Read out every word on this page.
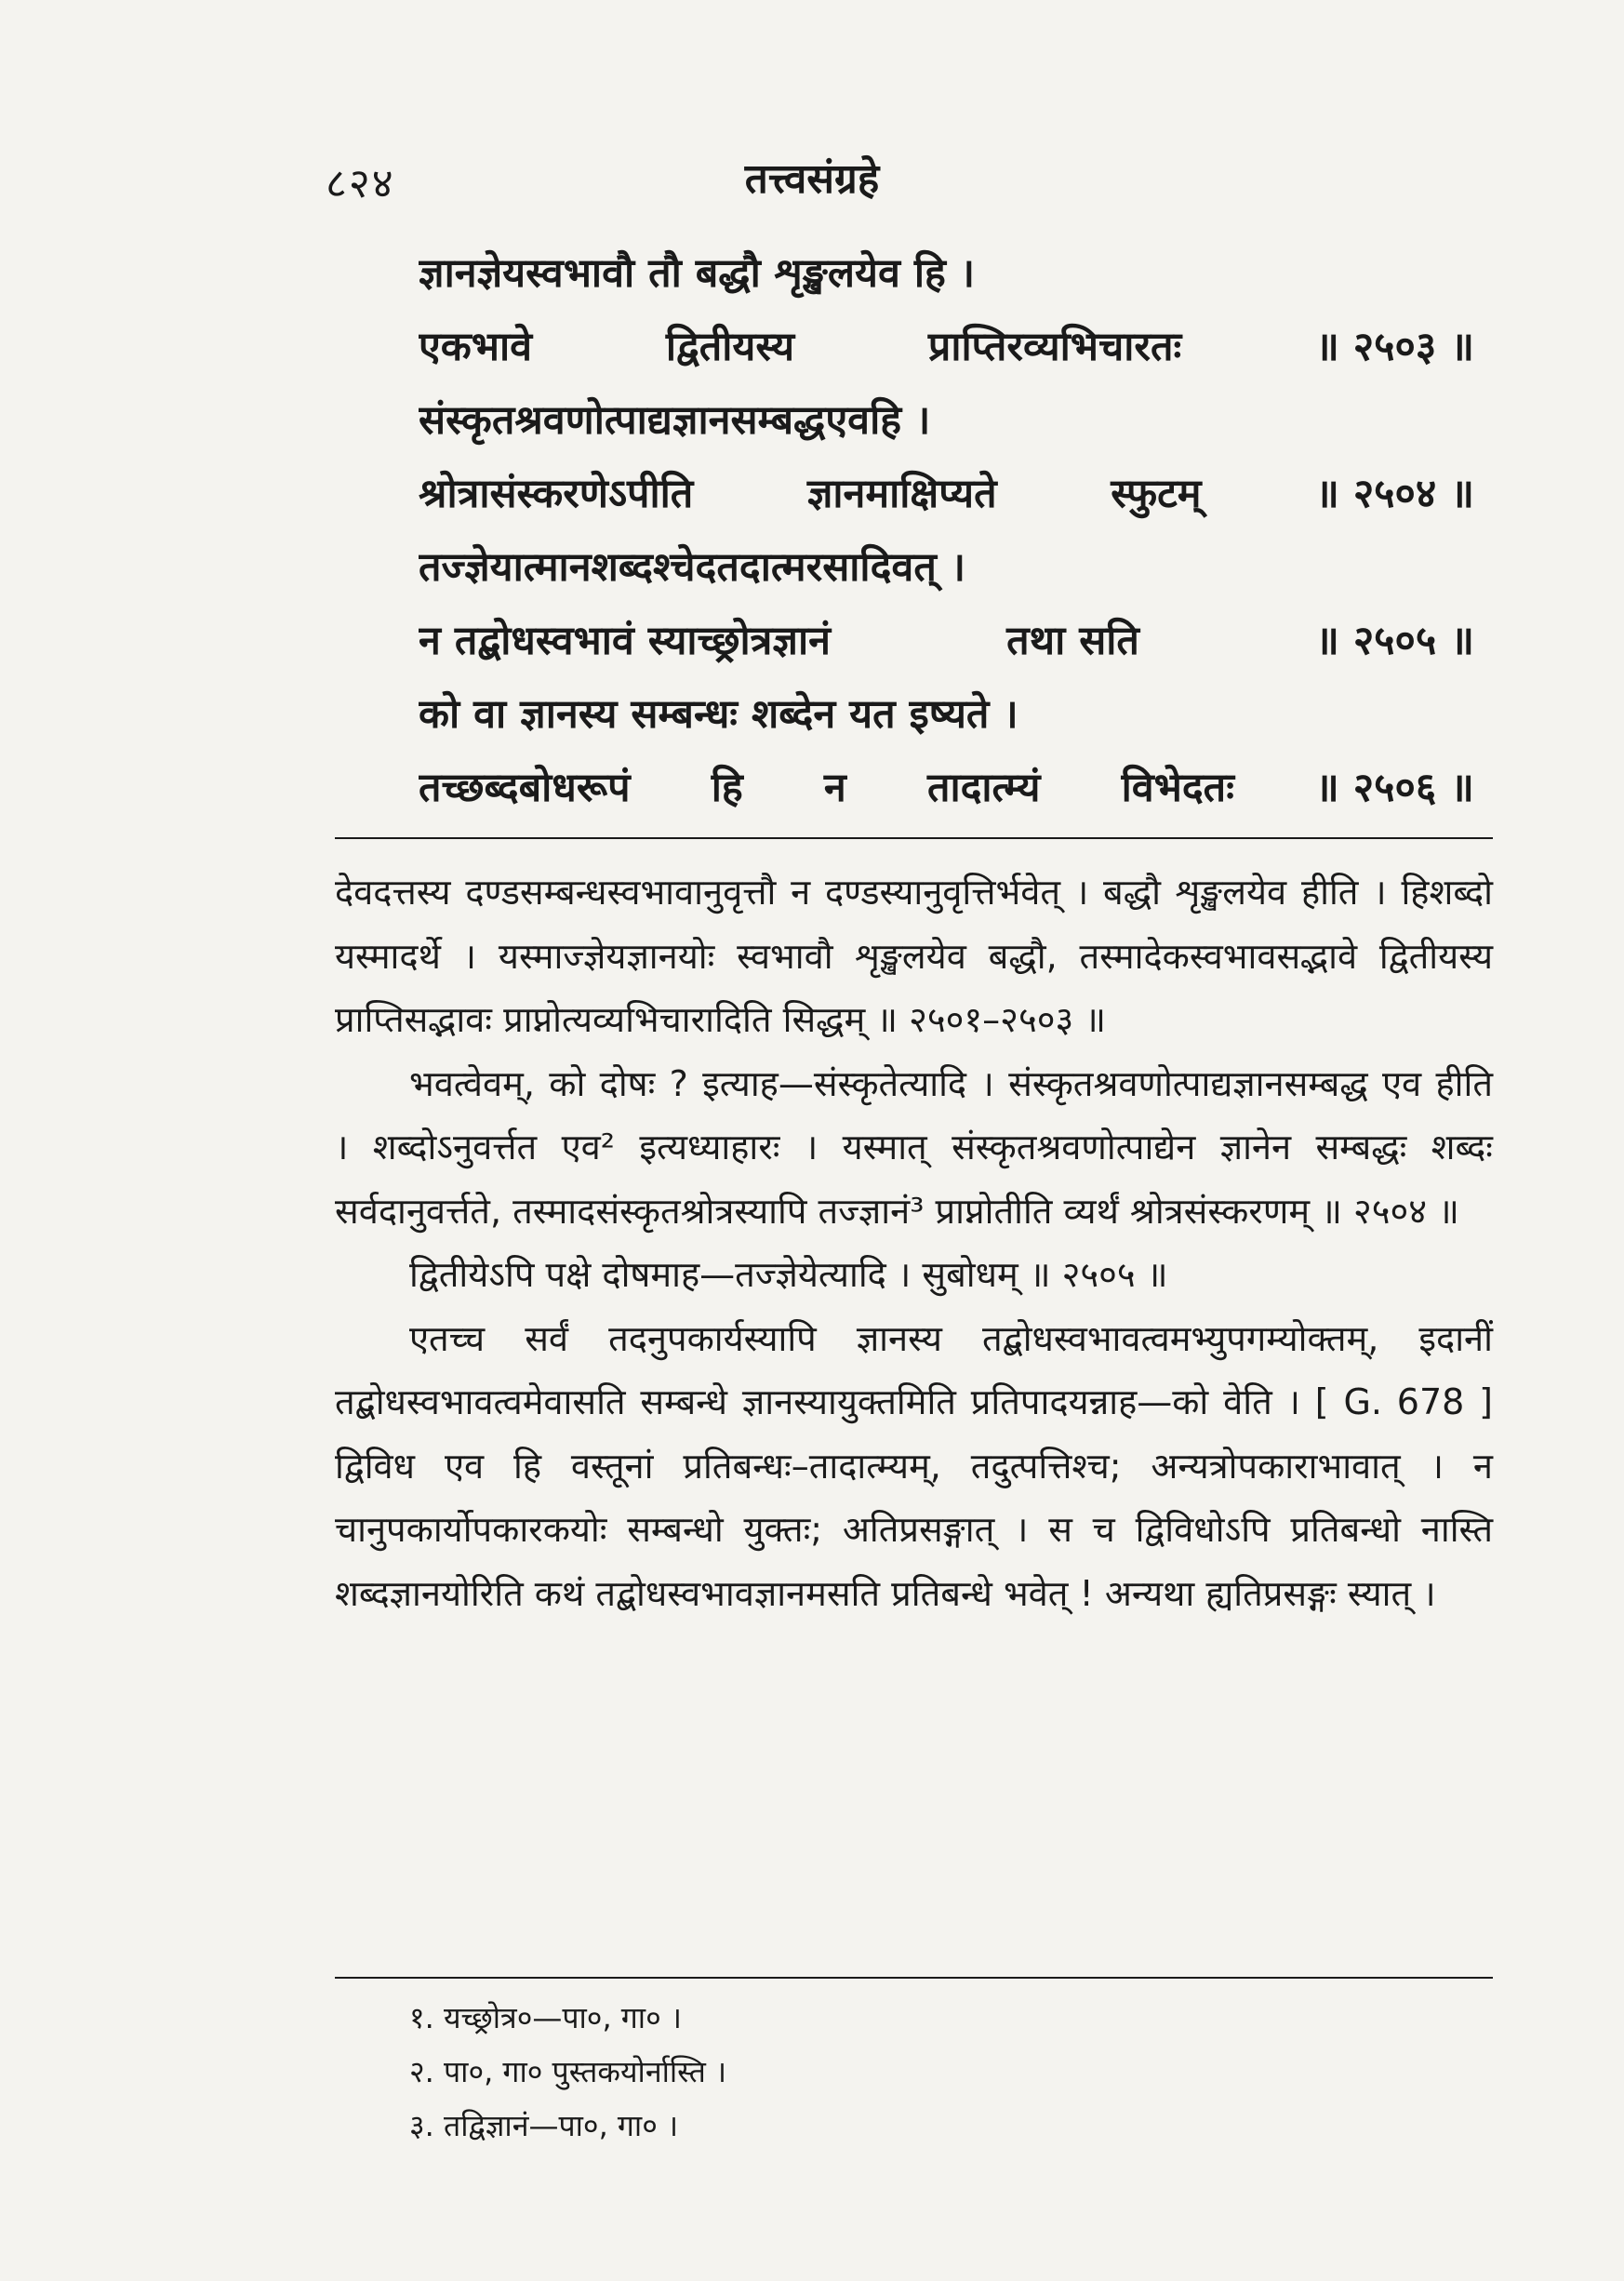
८२४	तत्त्वसंग्रहे
ज्ञानज्ञेयस्वभावौ तौ बद्धौ शृङ्खलयेव हि ।
एकभावे	द्वितीयस्य	प्राप्तिरव्यभिचारतः	॥ २५०३ ॥
संस्कृतश्रवणोत्पाद्यज्ञानसम्बद्ध एव हि ।
श्रोत्रासंस्करणेऽपीति	ज्ञानमाक्षिप्यते	स्फुटम्	॥ २५०४ ॥
तज्ज्ञेयात्मा न शब्दश्चेदतदात्मरसादिवत् ।
न तद्बोधस्वभावं स्याच्छ्रोत्रज्ञानं	तथा सति	॥ २५०५ ॥
को वा ज्ञानस्य सम्बन्धः शब्देन यत इष्यते ।
तच्छब्दबोधरूपं हि न तादात्म्यं विभेदतः ॥ २५०६ ॥

देवदत्तस्य दण्डसम्बन्धस्वभावानुवृत्तौ न दण्डस्यानुवृत्तिर्भवेत् । बद्धौ शृङ्खलयेव हीति । हिशब्दो यस्मादर्थे । यस्माज्ज्ञेयज्ञानयोः स्वभावौ शृङ्खलयेव बद्धौ, तस्मादेकस्वभावसद्भावे द्वितीयस्य प्राप्तिसद्भावः प्राप्नोत्यव्यभिचारादिति सिद्धम् ॥ २५०१–२५०३ ॥

भवत्वेवम्, को दोषः ? इत्याह—संस्कृतेत्यादि । संस्कृतश्रवणोत्पाद्यज्ञानसम्बद्ध एव हीति । शब्दोऽनुवर्त्तत एव² इत्यध्याहारः । यस्मात् संस्कृतश्रवणोत्पाद्येन ज्ञानेन सम्बद्धः शब्दः सर्वदानुवर्त्तते, तस्मादसंस्कृतश्रोत्रस्यापि तज्ज्ञानं³ प्राप्नोतीति व्यर्थं श्रोत्रसंस्करणम् ॥ २५०४ ॥

द्वितीयेऽपि पक्षे दोषमाह—तज्ज्ञेयेत्यादि । सुबोधम् ॥ २५०५ ॥

एतच्च सर्वं तदनुपकार्यस्यापि ज्ञानस्य तद्बोधस्वभावत्वमभ्युपगम्योक्तम्, इदानीं तद्बोधस्वभावत्वमेवासति सम्बन्धे ज्ञानस्यायुक्तमिति प्रतिपादयन्नाह—को वेति । [ G. 678 ] द्विविध एव हि वस्तूनां प्रतिबन्धः–तादात्म्यम्, तदुत्पत्तिश्च; अन्यत्रोपकाराभावात् । न चानुपकार्योपकारकयोः सम्बन्धो युक्तः; अतिप्रसङ्गात् । स च द्विविधोऽपि प्रतिबन्धो नास्ति शब्दज्ञानयोरिति कथं तद्बोधस्वभावज्ञानमसति प्रतिबन्धे भवेत् ! अन्यथा ह्यतिप्रसङ्गः स्यात् ।

१. यच्छ्रोत्र०—पा०, गा० ।
२. पा०, गा० पुस्तकयोर्नास्ति ।
३. तद्विज्ञानं—पा०, गा० ।
